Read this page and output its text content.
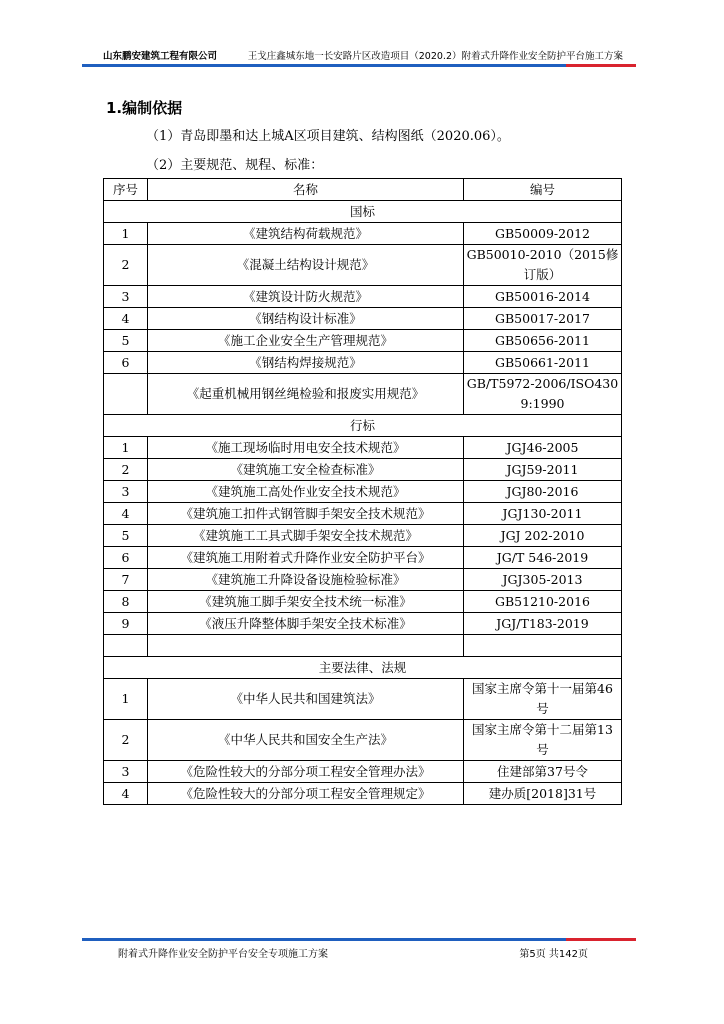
山东鹏安建筑工程有限公司	王戈庄鑫城东地一长安路片区改造项目（2020.2）附着式升降作业安全防护平台施工方案
1.编制依据
（1）青岛即墨和达上城A区项目建筑、结构图纸（2020.06）。
（2）主要规范、规程、标准：
序号	名称	编号
国标		
1	《建筑结构荷载规范》	GB50009-2012
2	《混凝土结构设计规范》	GB50010-2010（2015修订版）
3	《建筑设计防火规范》	GB50016-2014
4	《钢结构设计标准》	GB50017-2017
5	《施工企业安全生产管理规范》	GB50656-2011
6	《钢结构焊接规范》	GB50661-2011
	《起重机械用钢丝绳检验和报废实用规范》	GB/T5972-2006/ISO4309:1990
行标		
1	《施工现场临时用电安全技术规范》	JGJ46-2005
2	《建筑施工安全检查标准》	JGJ59-2011
3	《建筑施工高处作业安全技术规范》	JGJ80-2016
4	《建筑施工扣件式钢管脚手架安全技术规范》	JGJ130-2011
5	《建筑施工工具式脚手架安全技术规范》	JGJ 202-2010
6	《建筑施工用附着式升降作业安全防护平台》	JG/T 546-2019
7	《建筑施工升降设备设施检验标准》	JGJ305-2013
8	《建筑施工脚手架安全技术统一标准》	GB51210-2016
9	《液压升降整体脚手架安全技术标准》	JGJ/T183-2019

主要法律、法规		
1	《中华人民共和国建筑法》	国家主席令第十一届第46号
2	《中华人民共和国安全生产法》	国家主席令第十二届第13号
3	《危险性较大的分部分项工程安全管理办法》	住建部第37号令
4	《危险性较大的分部分项工程安全管理规定》	建办质[2018]31号
附着式升降作业安全防护平台安全专项施工方案	第5页 共142页
